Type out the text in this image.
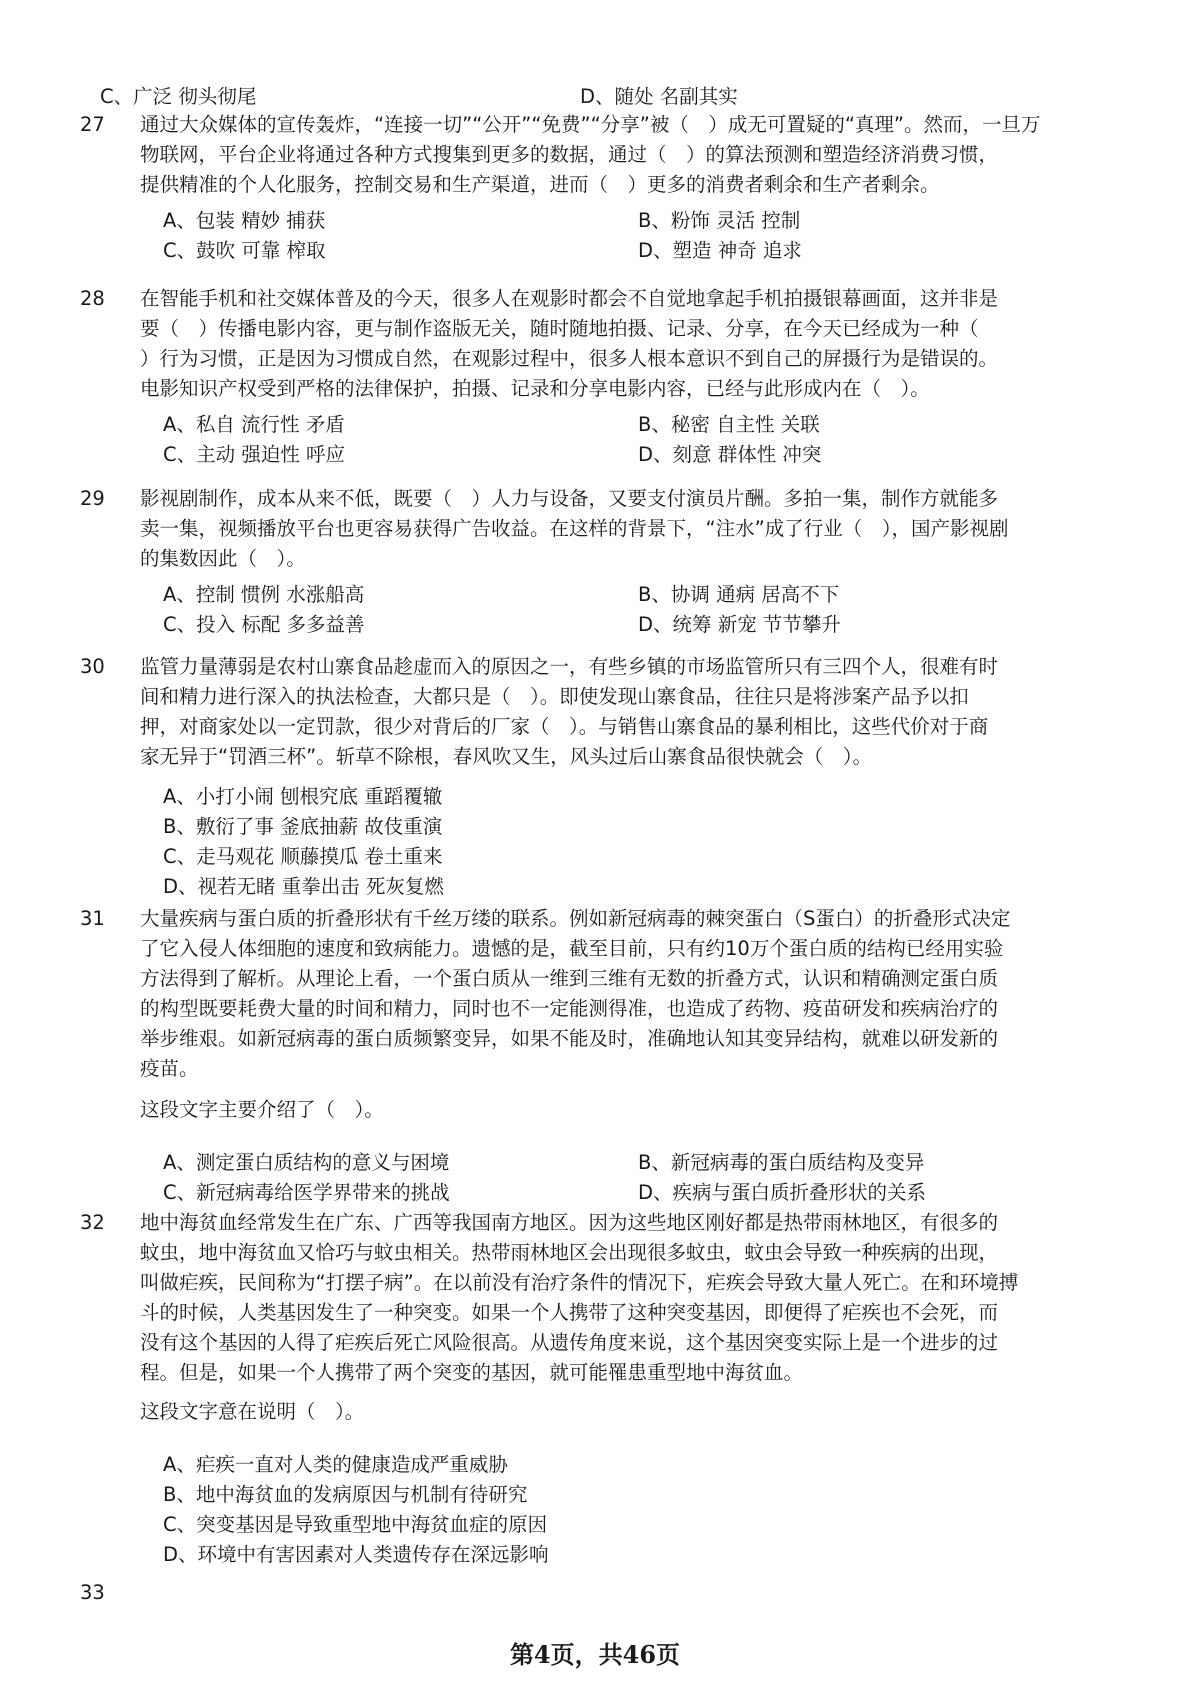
C、广泛 彻头彻尾	D、随处 名副其实
27	通过大众媒体的宣传轰炸，“连接一切”“公开”“免费”“分享”被（　）成无可置疑的“真理”。然而，一旦万
物联网，平台企业将通过各种方式搜集到更多的数据，通过（　）的算法预测和塑造经济消费习惯，
提供精准的个人化服务，控制交易和生产渠道，进而（　）更多的消费者剩余和生产者剩余。
A、包装 精妙 捕获	B、粉饰 灵活 控制
C、鼓吹 可靠 榨取	D、塑造 神奇 追求
28	在智能手机和社交媒体普及的今天，很多人在观影时都会不自觉地拿起手机拍摄银幕画面，这并非是
要（　）传播电影内容，更与制作盗版无关，随时随地拍摄、记录、分享，在今天已经成为一种（
）行为习惯，正是因为习惯成自然，在观影过程中，很多人根本意识不到自己的屏摄行为是错误的。
电影知识产权受到严格的法律保护，拍摄、记录和分享电影内容，已经与此形成内在（　）。
A、私自 流行性 矛盾	B、秘密 自主性 关联
C、主动 强迫性 呼应	D、刻意 群体性 冲突
29	影视剧制作，成本从来不低，既要（　）人力与设备，又要支付演员片酬。多拍一集，制作方就能多
卖一集，视频播放平台也更容易获得广告收益。在这样的背景下，“注水”成了行业（　），国产影视剧
的集数因此（　）。
A、控制 惯例 水涨船高	B、协调 通病 居高不下
C、投入 标配 多多益善	D、统筹 新宠 节节攀升
30	监管力量薄弱是农村山寨食品趁虚而入的原因之一，有些乡镇的市场监管所只有三四个人，很难有时
间和精力进行深入的执法检查，大都只是（　）。即使发现山寨食品，往往只是将涉案产品予以扣
押，对商家处以一定罚款，很少对背后的厂家（　）。与销售山寨食品的暴利相比，这些代价对于商
家无异于“罚酒三杯”。斩草不除根，春风吹又生，风头过后山寨食品很快就会（　）。
A、小打小闹 刨根究底 重蹈覆辙
B、敷衍了事 釜底抽薪 故伎重演
C、走马观花 顺藤摸瓜 卷土重来
D、视若无睹 重拳出击 死灰复燃
31	大量疾病与蛋白质的折叠形状有千丝万缕的联系。例如新冠病毒的棘突蛋白（S蛋白）的折叠形式决定
了它入侵人体细胞的速度和致病能力。遗憾的是，截至目前，只有约10万个蛋白质的结构已经用实验
方法得到了解析。从理论上看，一个蛋白质从一维到三维有无数的折叠方式，认识和精确测定蛋白质
的构型既要耗费大量的时间和精力，同时也不一定能测得准，也造成了药物、疫苗研发和疾病治疗的
举步维艰。如新冠病毒的蛋白质频繁变异，如果不能及时，准确地认知其变异结构，就难以研发新的
疫苗。
这段文字主要介绍了（　）。
A、测定蛋白质结构的意义与困境	B、新冠病毒的蛋白质结构及变异
C、新冠病毒给医学界带来的挑战	D、疾病与蛋白质折叠形状的关系
32	地中海贫血经常发生在广东、广西等我国南方地区。因为这些地区刚好都是热带雨林地区，有很多的
蚊虫，地中海贫血又恰巧与蚊虫相关。热带雨林地区会出现很多蚊虫，蚊虫会导致一种疾病的出现，
叫做疟疾，民间称为“打摆子病”。在以前没有治疗条件的情况下，疟疾会导致大量人死亡。在和环境搏
斗的时候，人类基因发生了一种突变。如果一个人携带了这种突变基因，即便得了疟疾也不会死，而
没有这个基因的人得了疟疾后死亡风险很高。从遗传角度来说，这个基因突变实际上是一个进步的过
程。但是，如果一个人携带了两个突变的基因，就可能罹患重型地中海贫血。
这段文字意在说明（　）。
A、疟疾一直对人类的健康造成严重威胁
B、地中海贫血的发病原因与机制有待研究
C、突变基因是导致重型地中海贫血症的原因
D、环境中有害因素对人类遗传存在深远影响
33
第4页，共46页
